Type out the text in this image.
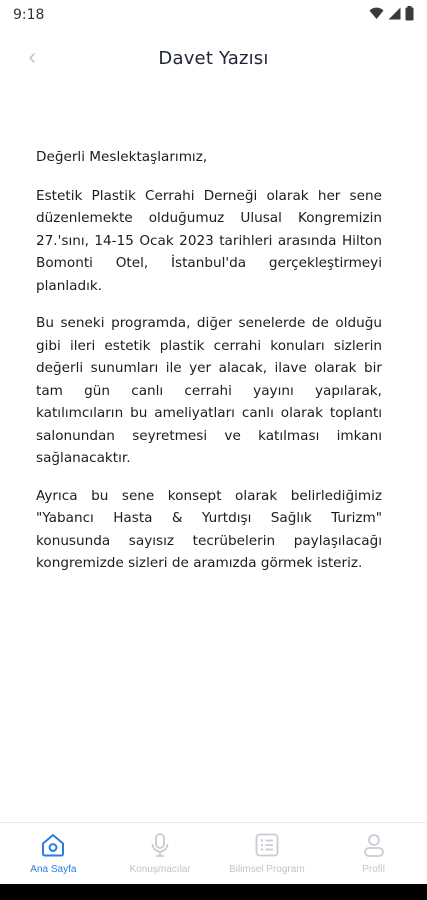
9:18
Davet Yazısı

Değerli Meslektaşlarımız,

Estetik Plastik Cerrahi Derneği olarak her sene düzenlemekte olduğumuz Ulusal Kongremizin 27.'sını, 14-15 Ocak 2023 tarihleri arasında Hilton Bomonti Otel, İstanbul'da gerçekleştirmeyi planladık.

Bu seneki programda, diğer senelerde de olduğu gibi ileri estetik plastik cerrahi konuları sizlerin değerli sunumları ile yer alacak, ilave olarak bir tam gün canlı cerrahi yayını yapılarak, katılımcıların bu ameliyatları canlı olarak toplantı salonundan seyretmesi ve katılması imkanı sağlanacaktır.

Ayrıca bu sene konsept olarak belirlediğimiz "Yabancı Hasta & Yurtdışı Sağlık Turizm" konusunda sayısız tecrübelerin paylaşılacağı kongremizde sizleri de aramızda görmek isteriz.

Ana Sayfa	Konuşmacılar	Bilimsel Program	Profil
